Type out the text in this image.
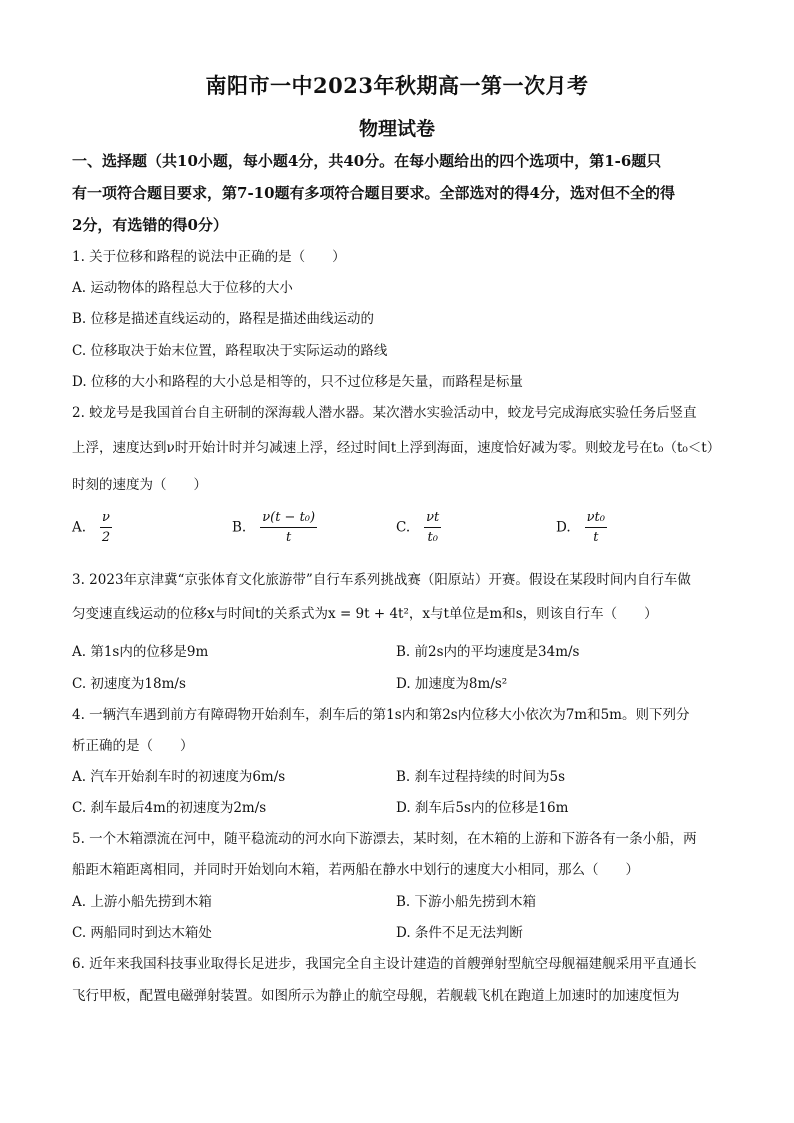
南阳市一中2023年秋期高一第一次月考
物理试卷
一、选择题（共10小题，每小题4分，共40分。在每小题给出的四个选项中，第1-6题只
有一项符合题目要求，第7-10题有多项符合题目要求。全部选对的得4分，选对但不全的得
2分，有选错的得0分）
1. 关于位移和路程的说法中正确的是（　　）
A. 运动物体的路程总大于位移的大小
B. 位移是描述直线运动的，路程是描述曲线运动的
C. 位移取决于始末位置，路程取决于实际运动的路线
D. 位移的大小和路程的大小总是相等的，只不过位移是矢量，而路程是标量
2. 蛟龙号是我国首台自主研制的深海载人潜水器。某次潜水实验活动中，蛟龙号完成海底实验任务后竖直
上浮，速度达到ν时开始计时并匀减速上浮，经过时间t上浮到海面，速度恰好减为零。则蛟龙号在t₀（t₀＜t）
时刻的速度为（　　）
A. $\frac{\nu}{2}$	B. $\frac{\text{ν(t − t₀)}}{t}$	C. $\frac{\nu t}{\text{t₀}}$	D. $\frac{\text{νt₀}}{t}$
3. 2023年京津冀“京张体育文化旅游带”自行车系列挑战赛（阳原站）开赛。假设在某段时间内自行车做
匀变速直线运动的位移x与时间t的关系式为x = 9t + 4t²，x与t单位是m和s，则该自行车（　　）
A. 第1s内的位移是9m	B. 前2s内的平均速度是34m/s
C. 初速度为18m/s	D. 加速度为8m/s²
4. 一辆汽车遇到前方有障碍物开始刹车，刹车后的第1s内和第2s内位移大小依次为7m和5m。则下列分
析正确的是（　　）
A. 汽车开始刹车时的初速度为6m/s	B. 刹车过程持续的时间为5s
C. 刹车最后4m的初速度为2m/s	D. 刹车后5s内的位移是16m
5. 一个木箱漂流在河中，随平稳流动的河水向下游漂去，某时刻，在木箱的上游和下游各有一条小船，两
船距木箱距离相同，并同时开始划向木箱，若两船在静水中划行的速度大小相同，那么（　　）
A. 上游小船先捞到木箱	B. 下游小船先捞到木箱
C. 两船同时到达木箱处	D. 条件不足无法判断
6. 近年来我国科技事业取得长足进步，我国完全自主设计建造的首艘弹射型航空母舰福建舰采用平直通长
飞行甲板，配置电磁弹射装置。如图所示为静止的航空母舰，若舰载飞机在跑道上加速时的加速度恒为
